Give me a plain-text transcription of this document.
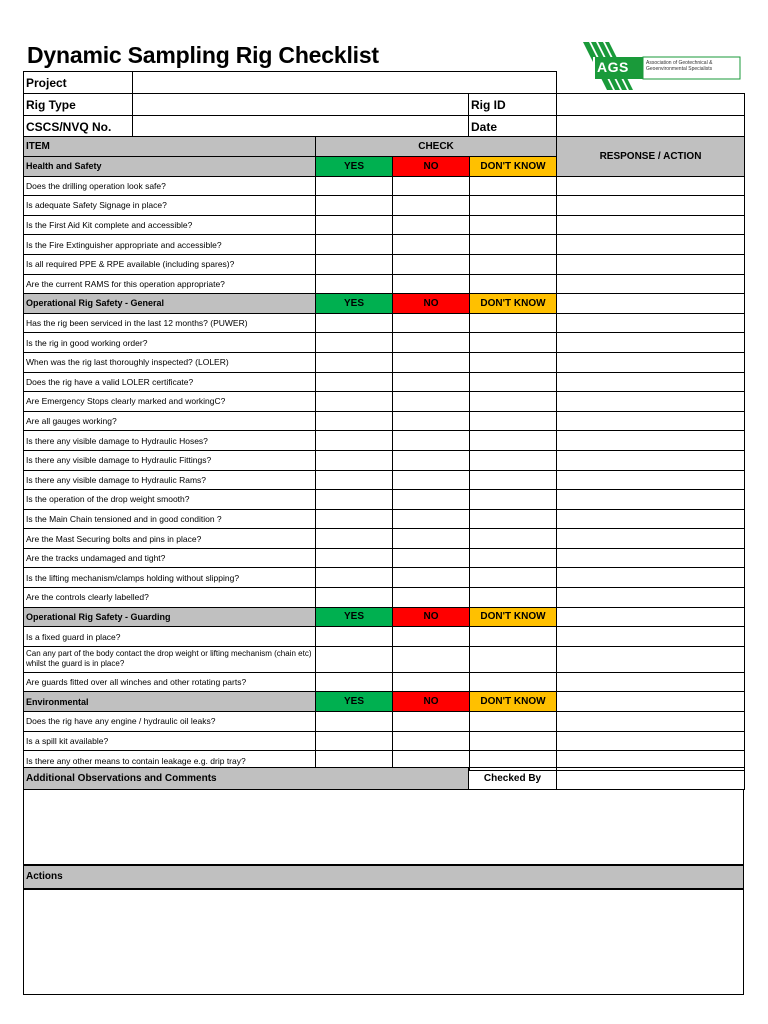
Dynamic Sampling Rig Checklist	AGS	Association of Geotechnical & Geoenvironmental Specialists
Project			
Rig Type		Rig ID	
CSCS/NVQ No.		Date	
ITEM	CHECK			RESPONSE / ACTION
Health and Safety	YES	NO	DON'T KNOW	
Does the drilling operation look safe?				
Is adequate Safety Signage in place?				
Is the First Aid Kit complete and accessible?				
Is the Fire Extinguisher appropriate and accessible?				
Is all required PPE & RPE available (including spares)?				
Are the current RAMS for this operation appropriate?				
Operational Rig Safety - General	YES	NO	DON'T KNOW	
Has the rig been serviced in the last 12 months? (PUWER)				
Is the rig in good working order?				
When was the rig last thoroughly inspected? (LOLER)				
Does the rig have a valid LOLER certificate?				
Are Emergency Stops clearly marked and workingC?				
Are all gauges working?				
Is there any visible damage to Hydraulic Hoses?				
Is there any visible damage to Hydraulic Fittings?				
Is there any visible damage to Hydraulic Rams?				
Is the operation of the drop weight smooth?				
Is the Main Chain tensioned and in good condition ?				
Are the Mast Securing bolts and pins in place?				
Are the tracks undamaged and tight?				
Is the lifting mechanism/clamps holding without slipping?				
Are the controls clearly labelled?				
Operational Rig Safety - Guarding	YES	NO	DON'T KNOW	
Is a fixed guard in place?				
Can any part of the body contact the drop weight or lifting mechanism (chain etc) whilst the guard is in place?				
Are guards fitted over all winches and other rotating parts?				
Environmental	YES	NO	DON'T KNOW	
Does the rig have any engine / hydraulic oil leaks?				
Is a spill kit available?				
Is there any other means to contain leakage e.g. drip tray?				
Additional Observations and Comments	Checked By	
Actions
